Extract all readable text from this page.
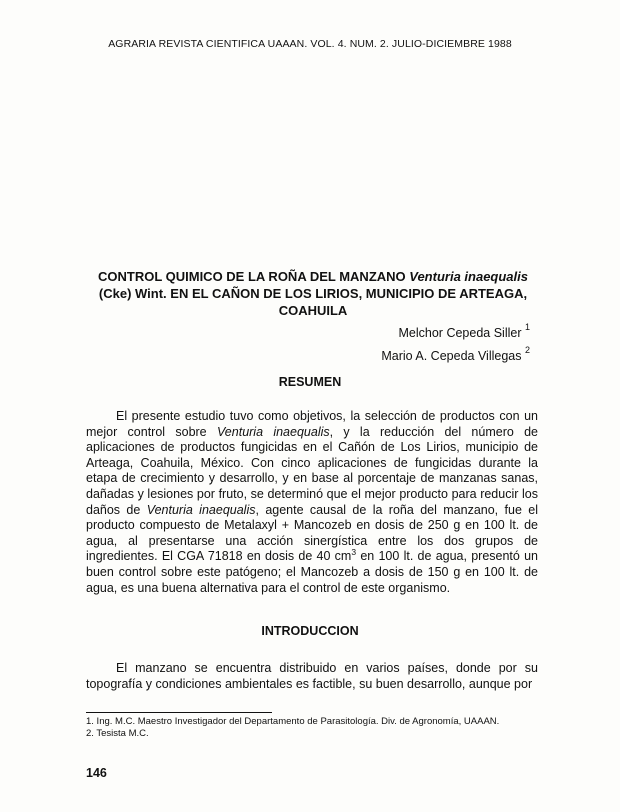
AGRARIA REVISTA CIENTIFICA UAAAN. VOL. 4. NUM. 2. JULIO-DICIEMBRE 1988
CONTROL QUIMICO DE LA ROÑA DEL MANZANO Venturia inaequalis (Cke) Wint. EN EL CAÑON DE LOS LIRIOS, MUNICIPIO DE ARTEAGA, COAHUILA
Melchor Cepeda Siller $^1$
Mario A. Cepeda Villegas $^2$
RESUMEN
El presente estudio tuvo como objetivos, la selección de productos con un mejor control sobre Venturia inaequalis, y la reducción del número de aplicaciones de productos fungicidas en el Cañón de Los Lirios, municipio de Arteaga, Coahuila, México. Con cinco aplicaciones de fungicidas durante la etapa de crecimiento y desarrollo, y en base al porcentaje de manzanas sanas, dañadas y lesiones por fruto, se determinó que el mejor producto para reducir los daños de Venturia inaequalis, agente causal de la roña del manzano, fue el producto compuesto de Metalaxyl + Mancozeb en dosis de 250 g en 100 lt. de agua, al presentarse una acción sinergística entre los dos grupos de ingredientes. El CGA 71818 en dosis de 40 $cm^3$ en 100 lt. de agua, presentó un buen control sobre este patógeno; el Mancozeb a dosis de 150 g en 100 lt. de agua, es una buena alternativa para el control de este organismo.
INTRODUCCION
El manzano se encuentra distribuido en varios países, donde por su topografía y condiciones ambientales es factible, su buen desarrollo, aunque por
1. Ing. M.C. Maestro Investigador del Departamento de Parasitología. Div. de Agronomía, UAAAN.
2. Tesista M.C.
146
